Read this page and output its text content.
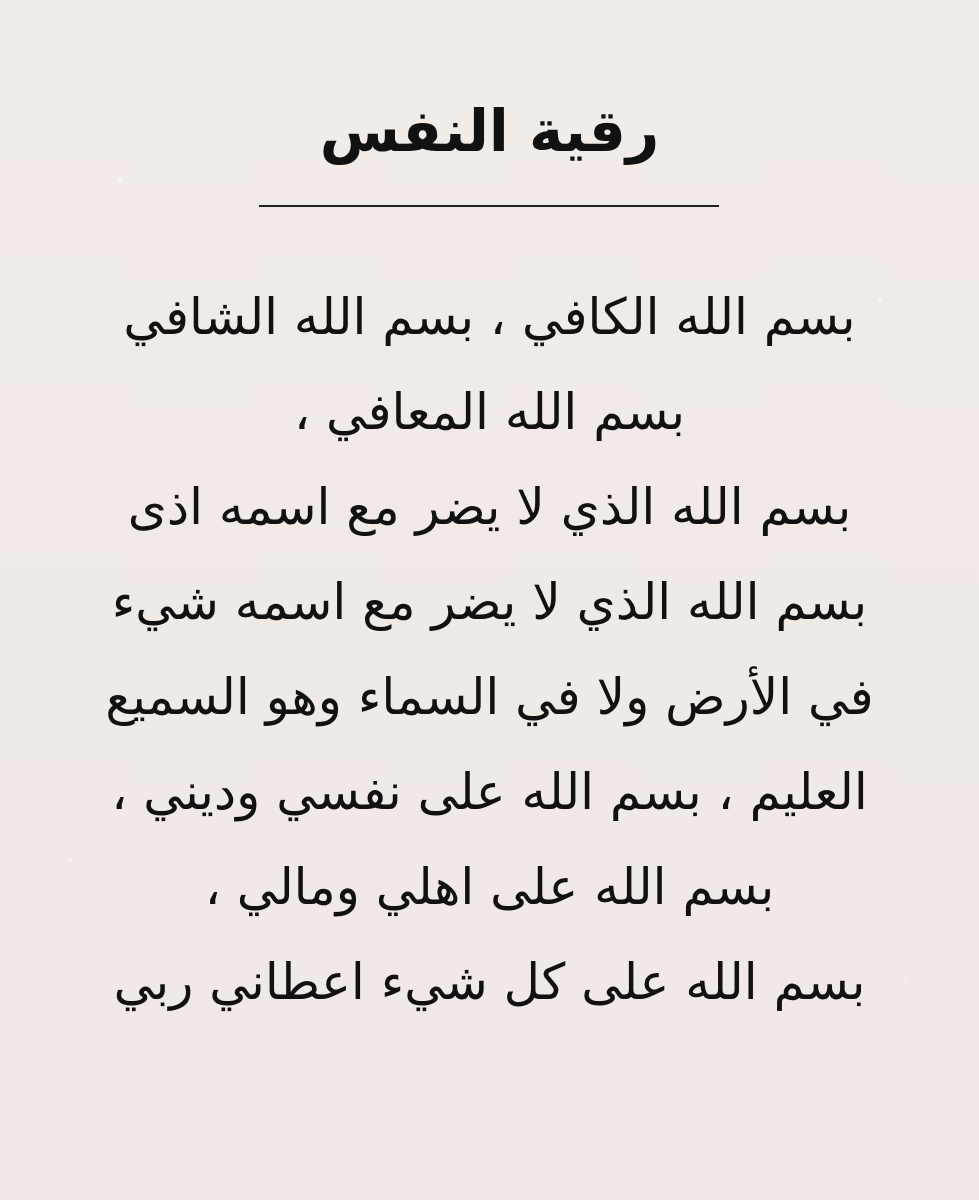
رقية النفس
بسم الله الكافي ، بسم الله الشافي
بسم الله المعافي ،
بسم الله الذي لا يضر مع اسمه اذى
بسم الله الذي لا يضر مع اسمه شيء
في الأرض ولا في السماء وهو السميع
العليم ، بسم الله على نفسي وديني ،
بسم الله على اهلي ومالي ،
بسم الله على كل شيء اعطاني ربي
